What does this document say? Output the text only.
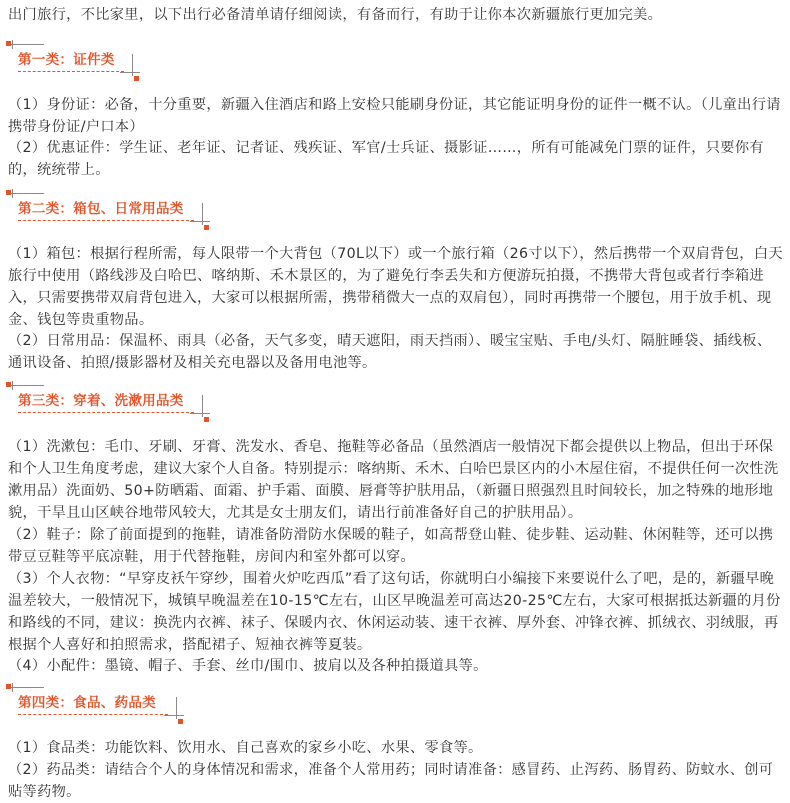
出门旅行，不比家里，以下出行必备清单请仔细阅读，有备而行，有助于让你本次新疆旅行更加完美。

第一类：证件类

（1）身份证：必备，十分重要，新疆入住酒店和路上安检只能刷身份证，其它能证明身份的证件一概不认。（儿童出行请携带身份证/户口本）

（2）优惠证件：学生证、老年证、记者证、残疾证、军官/士兵证、摄影证……，所有可能减免门票的证件，只要你有的，统统带上。

第二类：箱包、日常用品类

（1）箱包：根据行程所需，每人限带一个大背包（70L以下）或一个旅行箱（26寸以下），然后携带一个双肩背包，白天旅行中使用（路线涉及白哈巴、喀纳斯、禾木景区的，为了避免行李丢失和方便游玩拍摄，不携带大背包或者行李箱进入，只需要携带双肩背包进入，大家可以根据所需，携带稍微大一点的双肩包），同时再携带一个腰包，用于放手机、现金、钱包等贵重物品。

（2）日常用品：保温杯、雨具（必备，天气多变，晴天遮阳，雨天挡雨）、暖宝宝贴、手电/头灯、隔脏睡袋、插线板、通讯设备、拍照/摄影器材及相关充电器以及备用电池等。

第三类：穿着、洗漱用品类

（1）洗漱包：毛巾、牙刷、牙膏、洗发水、香皂、拖鞋等必备品（虽然酒店一般情况下都会提供以上物品，但出于环保和个人卫生角度考虑，建议大家个人自备。特别提示：喀纳斯、禾木、白哈巴景区内的小木屋住宿，不提供任何一次性洗漱用品）洗面奶、50+防晒霜、面霜、护手霜、面膜、唇膏等护肤用品，（新疆日照强烈且时间较长，加之特殊的地形地貌，干旱且山区峡谷地带风较大，尤其是女士朋友们，请出行前准备好自己的护肤用品）。

（2）鞋子：除了前面提到的拖鞋，请准备防滑防水保暖的鞋子，如高帮登山鞋、徒步鞋、运动鞋、休闲鞋等，还可以携带豆豆鞋等平底凉鞋，用于代替拖鞋，房间内和室外都可以穿。

（3）个人衣物：“早穿皮袄午穿纱，围着火炉吃西瓜”看了这句话，你就明白小编接下来要说什么了吧，是的，新疆早晚温差较大，一般情况下，城镇早晚温差在10-15℃左右，山区早晚温差可高达20-25℃左右，大家可根据抵达新疆的月份和路线的不同，建议：换洗内衣裤、袜子、保暖内衣、休闲运动装、速干衣裤、厚外套、冲锋衣裤、抓绒衣、羽绒服，再根据个人喜好和拍照需求，搭配裙子、短袖衣裤等夏装。

（4）小配件：墨镜、帽子、手套、丝巾/围巾、披肩以及各种拍摄道具等。

第四类：食品、药品类

（1）食品类：功能饮料、饮用水、自己喜欢的家乡小吃、水果、零食等。

（2）药品类：请结合个人的身体情况和需求，准备个人常用药；同时请准备：感冒药、止泻药、肠胃药、防蚊水、创可贴等药物。
